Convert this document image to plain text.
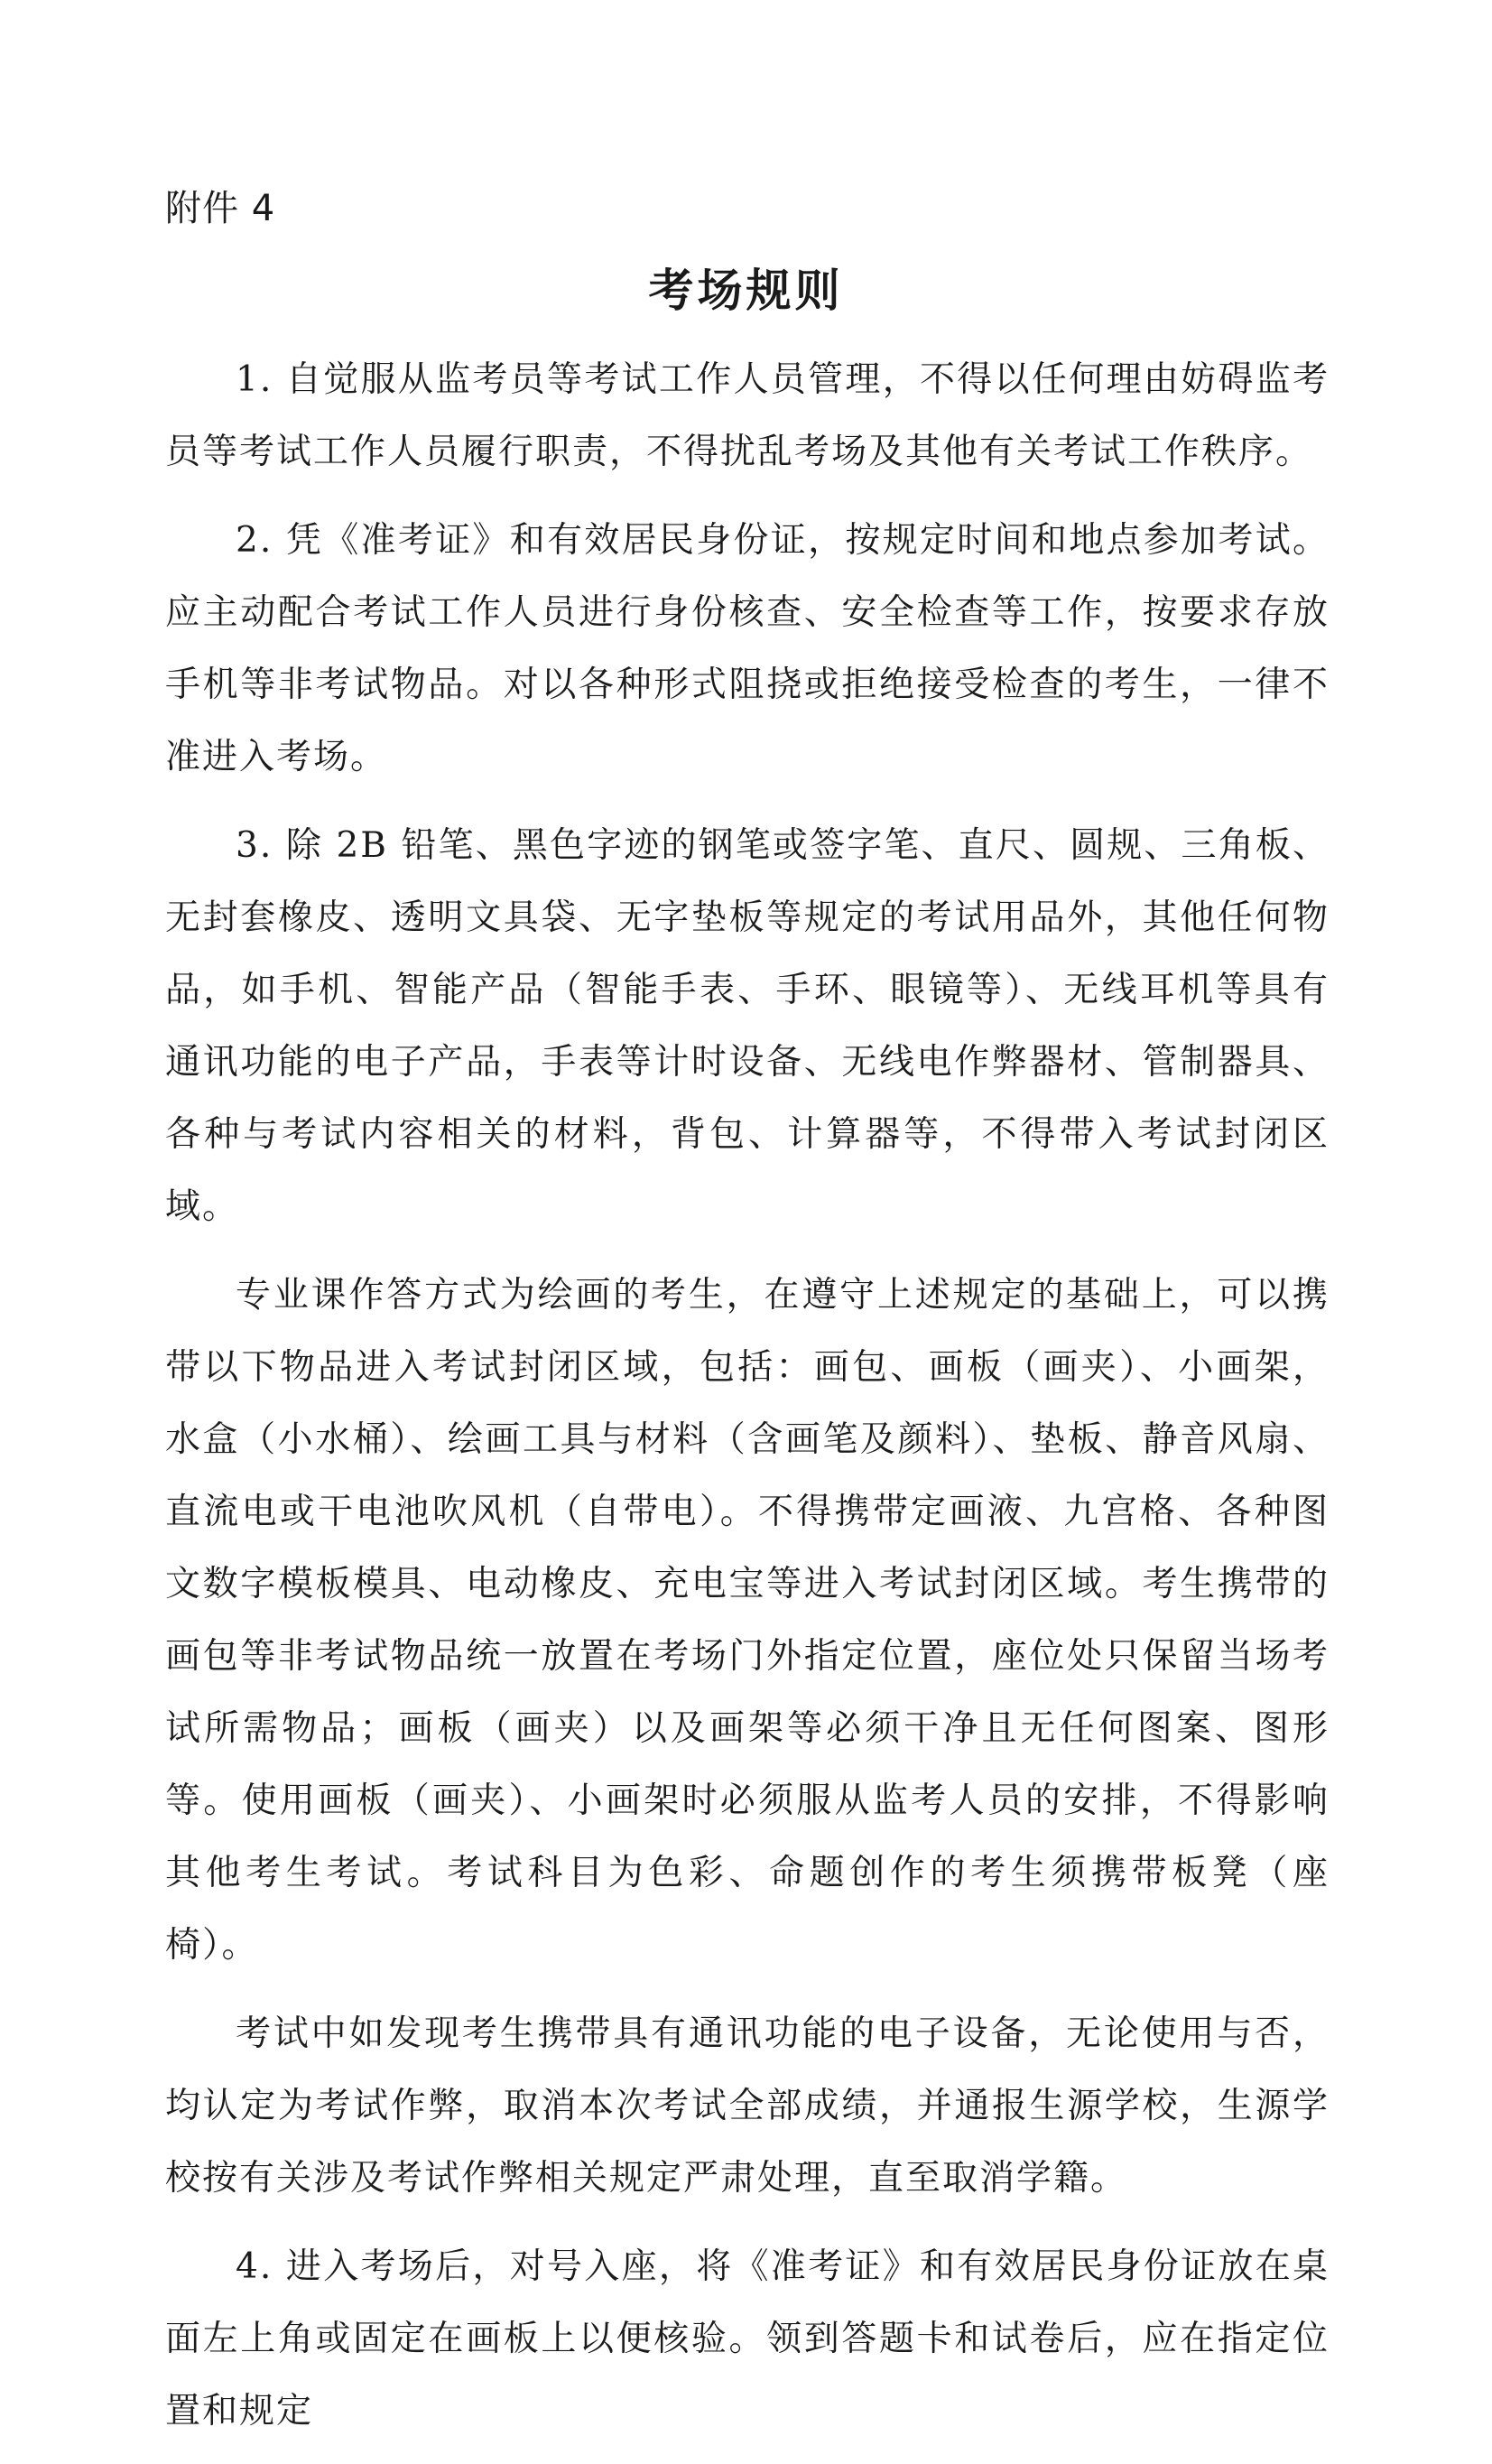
附件 4
考场规则

1. 自觉服从监考员等考试工作人员管理，不得以任何理由妨碍监考员等考试工作人员履行职责，不得扰乱考场及其他有关考试工作秩序。

2. 凭《准考证》和有效居民身份证，按规定时间和地点参加考试。应主动配合考试工作人员进行身份核查、安全检查等工作，按要求存放手机等非考试物品。对以各种形式阻挠或拒绝接受检查的考生，一律不准进入考场。

3. 除 2B 铅笔、黑色字迹的钢笔或签字笔、直尺、圆规、三角板、无封套橡皮、透明文具袋、无字垫板等规定的考试用品外，其他任何物品，如手机、智能产品（智能手表、手环、眼镜等）、无线耳机等具有通讯功能的电子产品，手表等计时设备、无线电作弊器材、管制器具、各种与考试内容相关的材料，背包、计算器等，不得带入考试封闭区域。

专业课作答方式为绘画的考生，在遵守上述规定的基础上，可以携带以下物品进入考试封闭区域，包括：画包、画板（画夹）、小画架，水盒（小水桶）、绘画工具与材料（含画笔及颜料）、垫板、静音风扇、直流电或干电池吹风机（自带电）。不得携带定画液、九宫格、各种图文数字模板模具、电动橡皮、充电宝等进入考试封闭区域。考生携带的画包等非考试物品统一放置在考场门外指定位置，座位处只保留当场考试所需物品；画板（画夹）以及画架等必须干净且无任何图案、图形等。使用画板（画夹）、小画架时必须服从监考人员的安排，不得影响其他考生考试。考试科目为色彩、命题创作的考生须携带板凳（座椅）。

考试中如发现考生携带具有通讯功能的电子设备，无论使用与否，均认定为考试作弊，取消本次考试全部成绩，并通报生源学校，生源学校按有关涉及考试作弊相关规定严肃处理，直至取消学籍。

4. 进入考场后，对号入座，将《准考证》和有效居民身份证放在桌面左上角或固定在画板上以便核验。领到答题卡和试卷后，应在指定位置和规定
